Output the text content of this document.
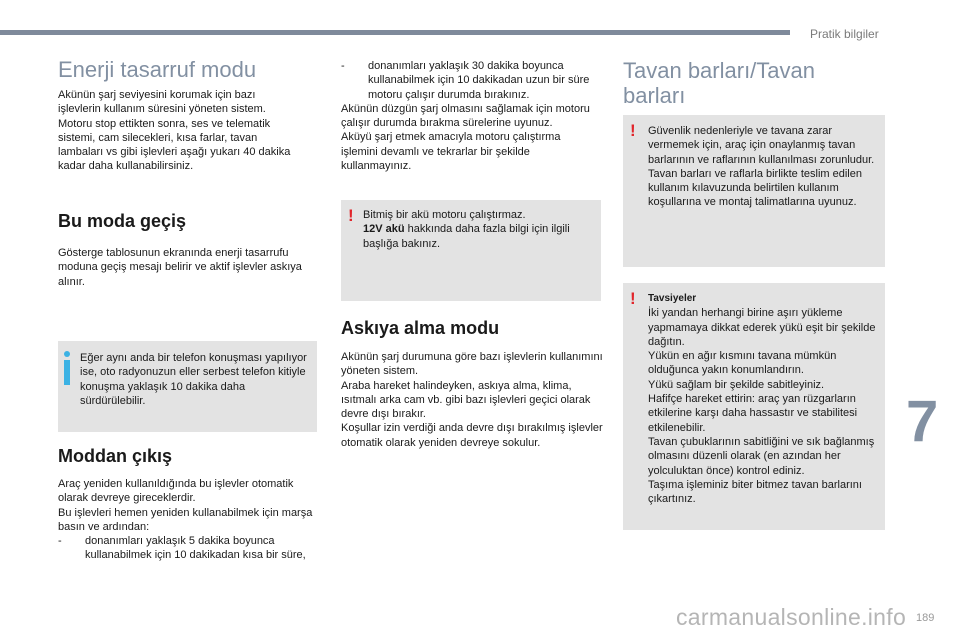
Pratik bilgiler
Enerji tasarruf modu
Akünün şarj seviyesini korumak için bazı işlevlerin kullanım süresini yöneten sistem.
Motoru stop ettikten sonra, ses ve telematik sistemi, cam silecekleri, kısa farlar, tavan lambaları vs gibi işlevleri aşağı yukarı 40 dakika kadar daha kullanabilirsiniz.
Bu moda geçiş
Gösterge tablosunun ekranında enerji tasarrufu moduna geçiş mesajı belirir ve aktif işlevler askıya alınır.
Eğer aynı anda bir telefon konuşması yapılıyor ise, oto radyonuzun eller serbest telefon kitiyle konuşma yaklaşık 10 dakika daha sürdürülebilir.
Moddan çıkış

Araç yeniden kullanıldığında bu işlevler otomatik olarak devreye gireceklerdir.
Bu işlevleri hemen yeniden kullanabilmek için marşa basın ve ardından:

- donanımları yaklaşık 5 dakika boyunca kullanabilmek için 10 dakikadan kısa bir süre,
- donanımları yaklaşık 30 dakika boyunca kullanabilmek için 10 dakikadan uzun bir süre motoru çalışır durumda bırakınız.

Akünün düzgün şarj olmasını sağlamak için motoru çalışır durumda bırakma sürelerine uyunuz.
Aküyü şarj etmek amacıyla motoru çalıştırma işlemini devamlı ve tekrarlar bir şekilde kullanmayınız.

! Bitmiş bir akü motoru çalıştırmaz.
12V akü hakkında daha fazla bilgi için ilgili başlığa bakınız.
Askıya alma modu
Akünün şarj durumuna göre bazı işlevlerin kullanımını yöneten sistem.
Araba hareket halindeyken, askıya alma, klima, ısıtmalı arka cam vb. gibi bazı işlevleri geçici olarak devre dışı bırakır.
Koşullar izin verdiği anda devre dışı bırakılmış işlevler otomatik olarak yeniden devreye sokulur.
Tavan barları/Tavan barları
! Güvenlik nedenleriyle ve tavana zarar vermemek için, araç için onaylanmış tavan barlarının ve raflarının kullanılması zorunludur.
Tavan barları ve raflarla birlikte teslim edilen kullanım kılavuzunda belirtilen kullanım koşullarına ve montaj talimatlarına uyunuz.
! Tavsiyeler
İki yandan herhangi birine aşırı yükleme yapmamaya dikkat ederek yükü eşit bir şekilde dağıtın.
Yükün en ağır kısmını tavana mümkün olduğunca yakın konumlandırın.
Yükü sağlam bir şekilde sabitleyiniz.
Hafifçe hareket ettirin: araç yan rüzgarların etkilerine karşı daha hassastır ve stabilitesi etkilenebilir.
Tavan çubuklarının sabitliğini ve sık bağlanmış olmasını düzenli olarak (en azından her yolculuktan önce) kontrol ediniz.
Taşıma işleminiz biter bitmez tavan barlarını çıkartınız.
7
carmanualsonline.info 189
